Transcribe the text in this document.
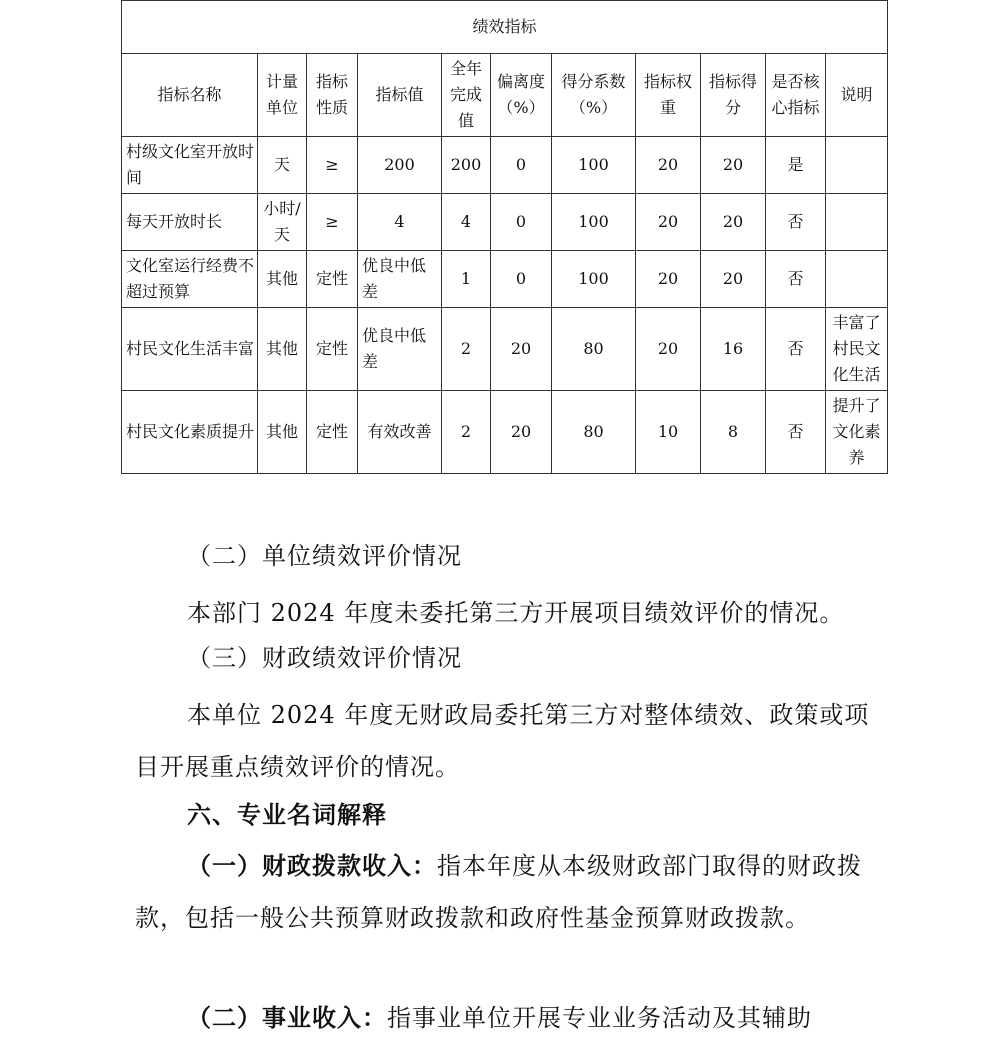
绩效指标										
指标名称	计量单位	指标性质	指标值	全年完成值	偏离度（%）	得分系数（%）	指标权重	指标得分	是否核心指标	说明
村级文化室开放时间	天	≥	200	200	0	100	20	20	是	
每天开放时长	小时/天	≥	4	4	0	100	20	20	否	
文化室运行经费不超过预算	其他	定性	优良中低差	1	0	100	20	20	否	
村民文化生活丰富	其他	定性	优良中低差	2	20	80	20	16	否	丰富了村民文化生活
村民文化素质提升	其他	定性	有效改善	2	20	80	10	8	否	提升了文化素养
（二）单位绩效评价情况
本部门 2024 年度未委托第三方开展项目绩效评价的情况。
（三）财政绩效评价情况
本单位 2024 年度无财政局委托第三方对整体绩效、政策或项目开展重点绩效评价的情况。
六、专业名词解释
（一）财政拨款收入：指本年度从本级财政部门取得的财政拨款，包括一般公共预算财政拨款和政府性基金预算财政拨款。
（二）事业收入：指事业单位开展专业业务活动及其辅助
